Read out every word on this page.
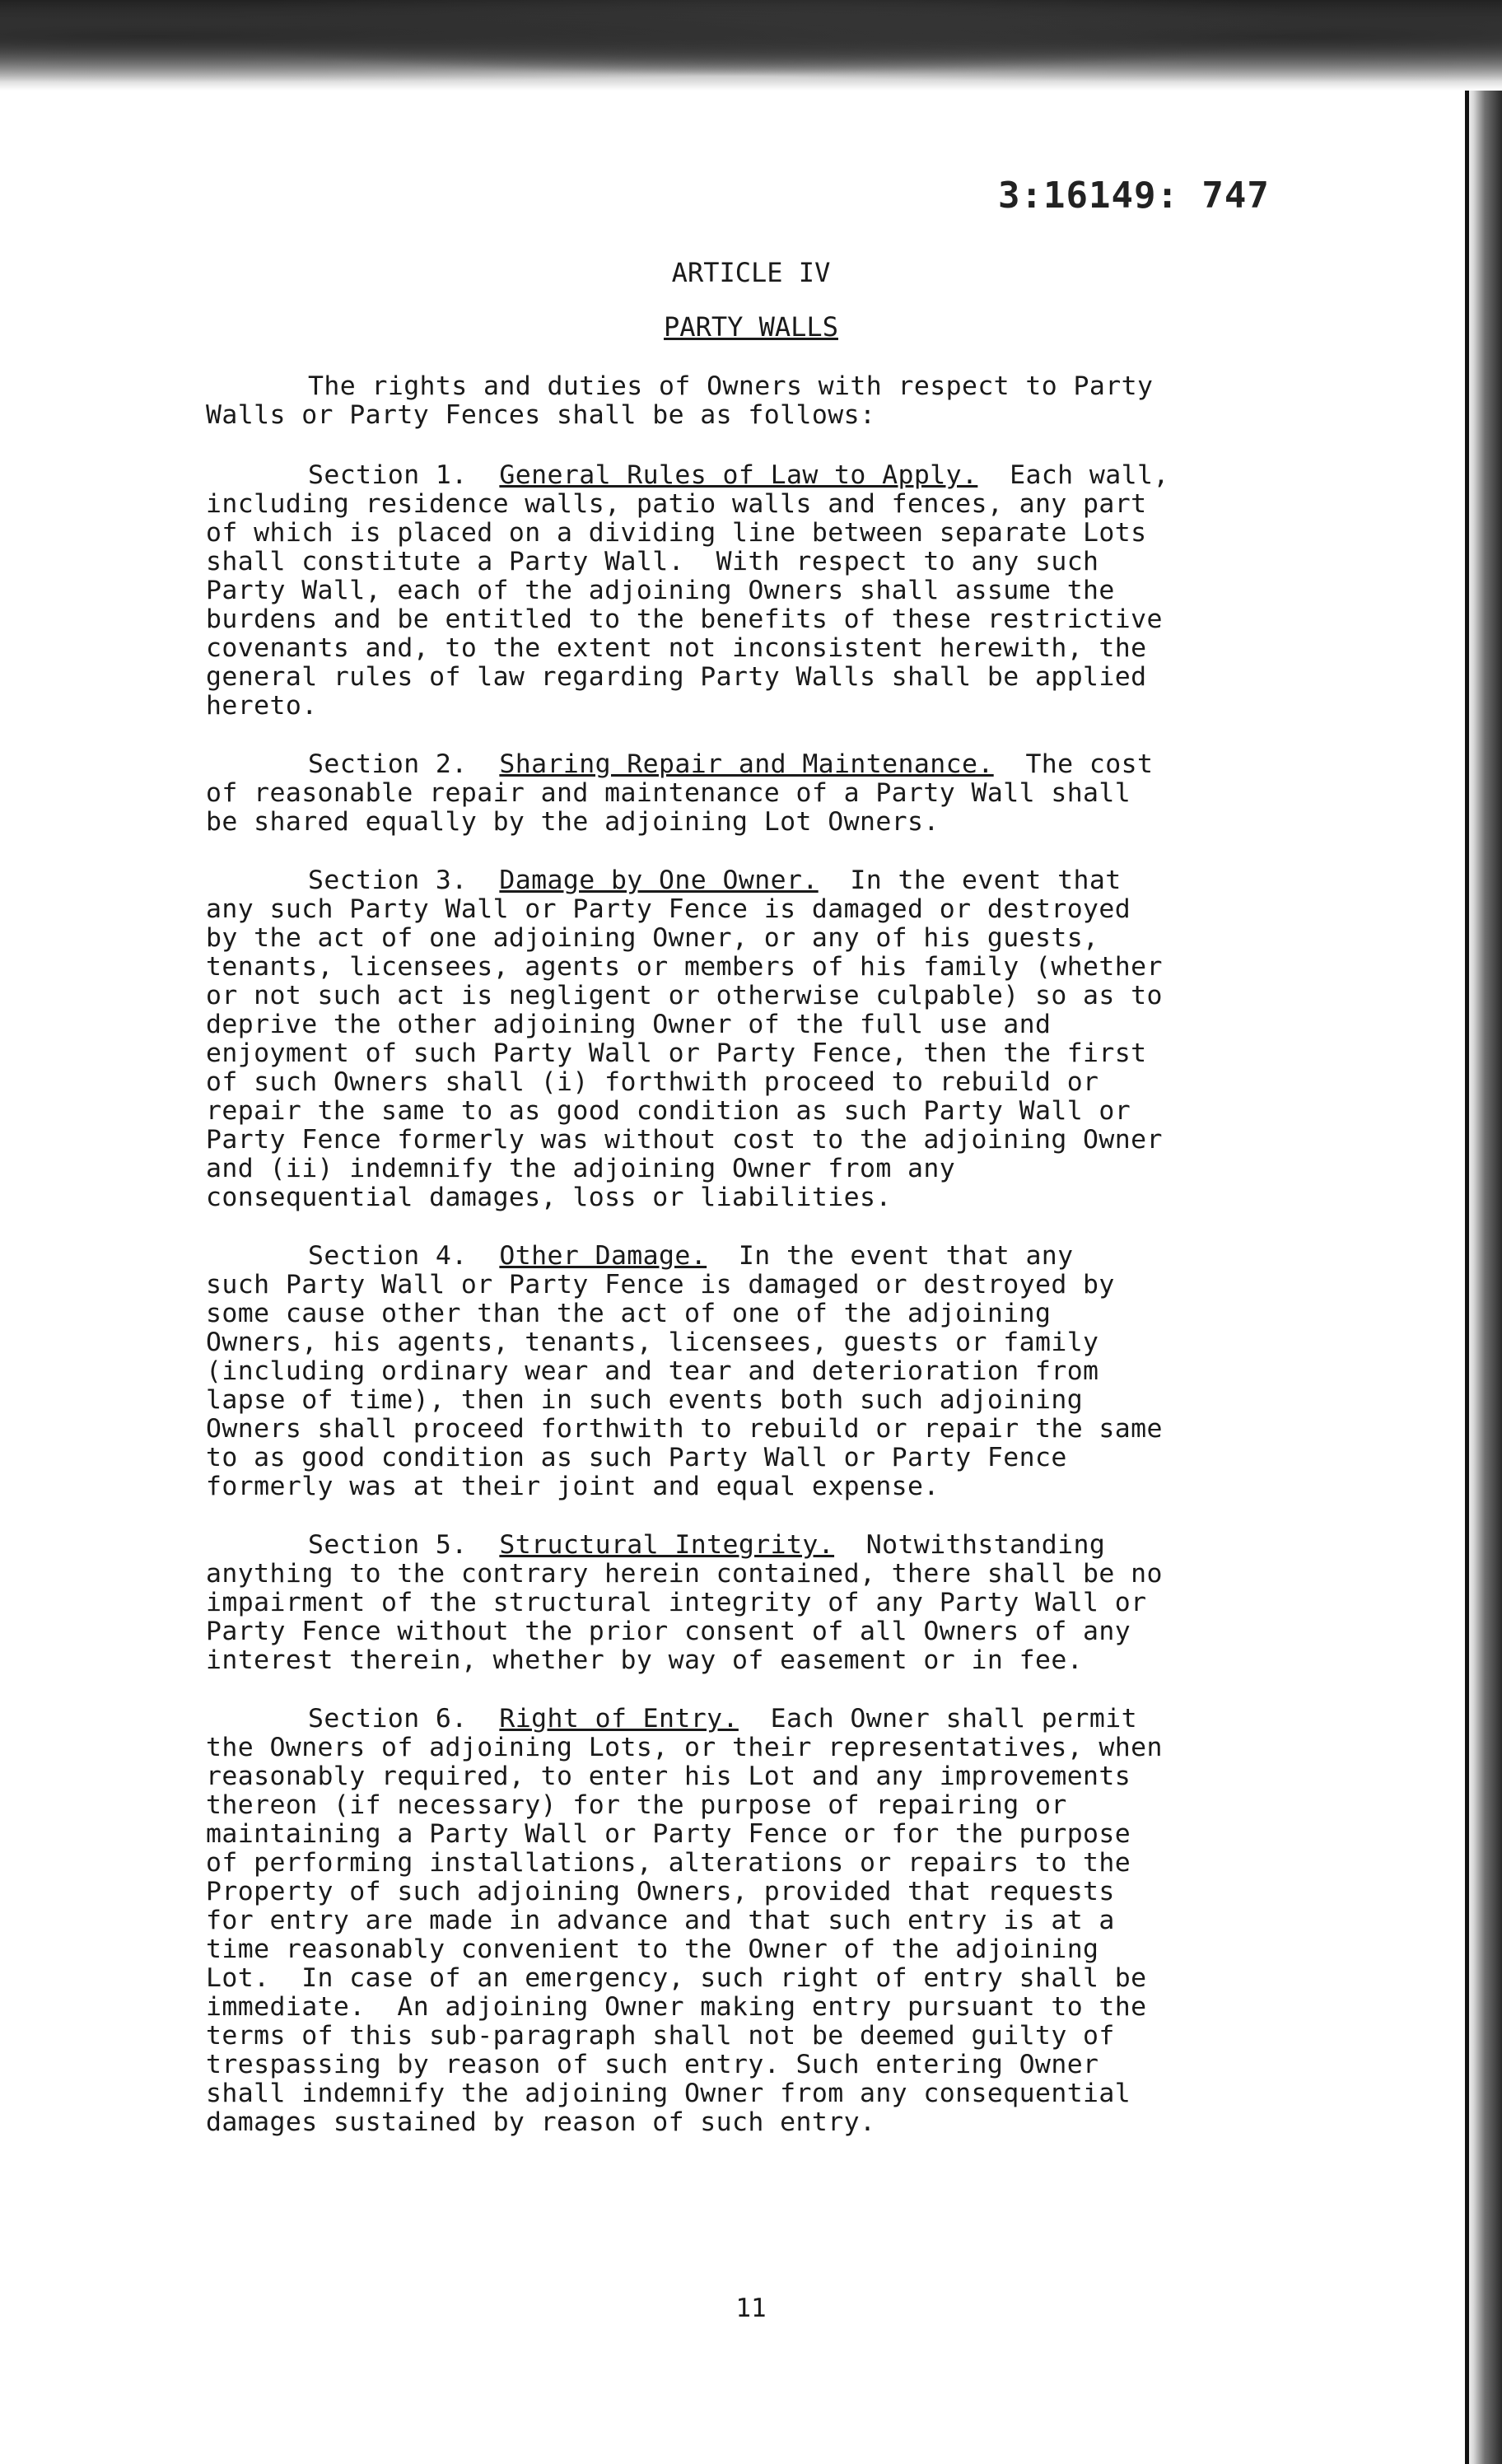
3:16149: 747
ARTICLE IV
PARTY WALLS
The rights and duties of Owners with respect to Party
Walls or Party Fences shall be as follows:
Section 1. General Rules of Law to Apply. Each wall,
including residence walls, patio walls and fences, any part
of which is placed on a dividing line between separate Lots
shall constitute a Party Wall.  With respect to any such
Party Wall, each of the adjoining Owners shall assume the
burdens and be entitled to the benefits of these restrictive
covenants and, to the extent not inconsistent herewith, the
general rules of law regarding Party Walls shall be applied
hereto.
Section 2. Sharing Repair and Maintenance. The cost
of reasonable repair and maintenance of a Party Wall shall
be shared equally by the adjoining Lot Owners.
Section 3. Damage by One Owner. In the event that
any such Party Wall or Party Fence is damaged or destroyed
by the act of one adjoining Owner, or any of his guests,
tenants, licensees, agents or members of his family (whether
or not such act is negligent or otherwise culpable) so as to
deprive the other adjoining Owner of the full use and
enjoyment of such Party Wall or Party Fence, then the first
of such Owners shall (i) forthwith proceed to rebuild or
repair the same to as good condition as such Party Wall or
Party Fence formerly was without cost to the adjoining Owner
and (ii) indemnify the adjoining Owner from any
consequential damages, loss or liabilities.
Section 4. Other Damage. In the event that any
such Party Wall or Party Fence is damaged or destroyed by
some cause other than the act of one of the adjoining
Owners, his agents, tenants, licensees, guests or family
(including ordinary wear and tear and deterioration from
lapse of time), then in such events both such adjoining
Owners shall proceed forthwith to rebuild or repair the same
to as good condition as such Party Wall or Party Fence
formerly was at their joint and equal expense.
Section 5. Structural Integrity. Notwithstanding
anything to the contrary herein contained, there shall be no
impairment of the structural integrity of any Party Wall or
Party Fence without the prior consent of all Owners of any
interest therein, whether by way of easement or in fee.
Section 6. Right of Entry. Each Owner shall permit
the Owners of adjoining Lots, or their representatives, when
reasonably required, to enter his Lot and any improvements
thereon (if necessary) for the purpose of repairing or
maintaining a Party Wall or Party Fence or for the purpose
of performing installations, alterations or repairs to the
Property of such adjoining Owners, provided that requests
for entry are made in advance and that such entry is at a
time reasonably convenient to the Owner of the adjoining
Lot.  In case of an emergency, such right of entry shall be
immediate.  An adjoining Owner making entry pursuant to the
terms of this sub-paragraph shall not be deemed guilty of
trespassing by reason of such entry. Such entering Owner
shall indemnify the adjoining Owner from any consequential
damages sustained by reason of such entry.
11
